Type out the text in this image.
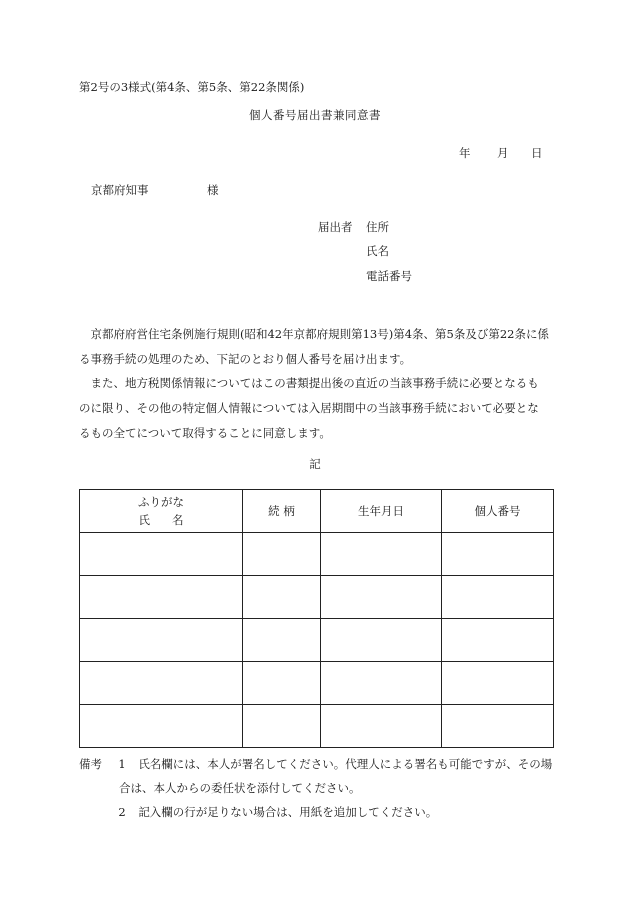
第2号の3様式(第4条、第5条、第22条関係)
個人番号届出書兼同意書
年 月 日
京都府知事	様
届出者 住所
氏名
電話番号

京都府府営住宅条例施行規則(昭和42年京都府規則第13号)第4条、第5条及び第22条に係

る事務手続の処理のため、下記のとおり個人番号を届け出ます。

また、地方税関係情報についてはこの書類提出後の直近の当該事務手続に必要となるも

のに限り、その他の特定個人情報については入居期間中の当該事務手続において必要とな

るもの全てについて取得することに同意します。

記
ふりがな
氏名	続 柄	生年月日	個人番号

備考 1 氏名欄には、本人が署名してください。代理人による署名も可能ですが、その場
合は、本人からの委任状を添付してください。
2 記入欄の行が足りない場合は、用紙を追加してください。
